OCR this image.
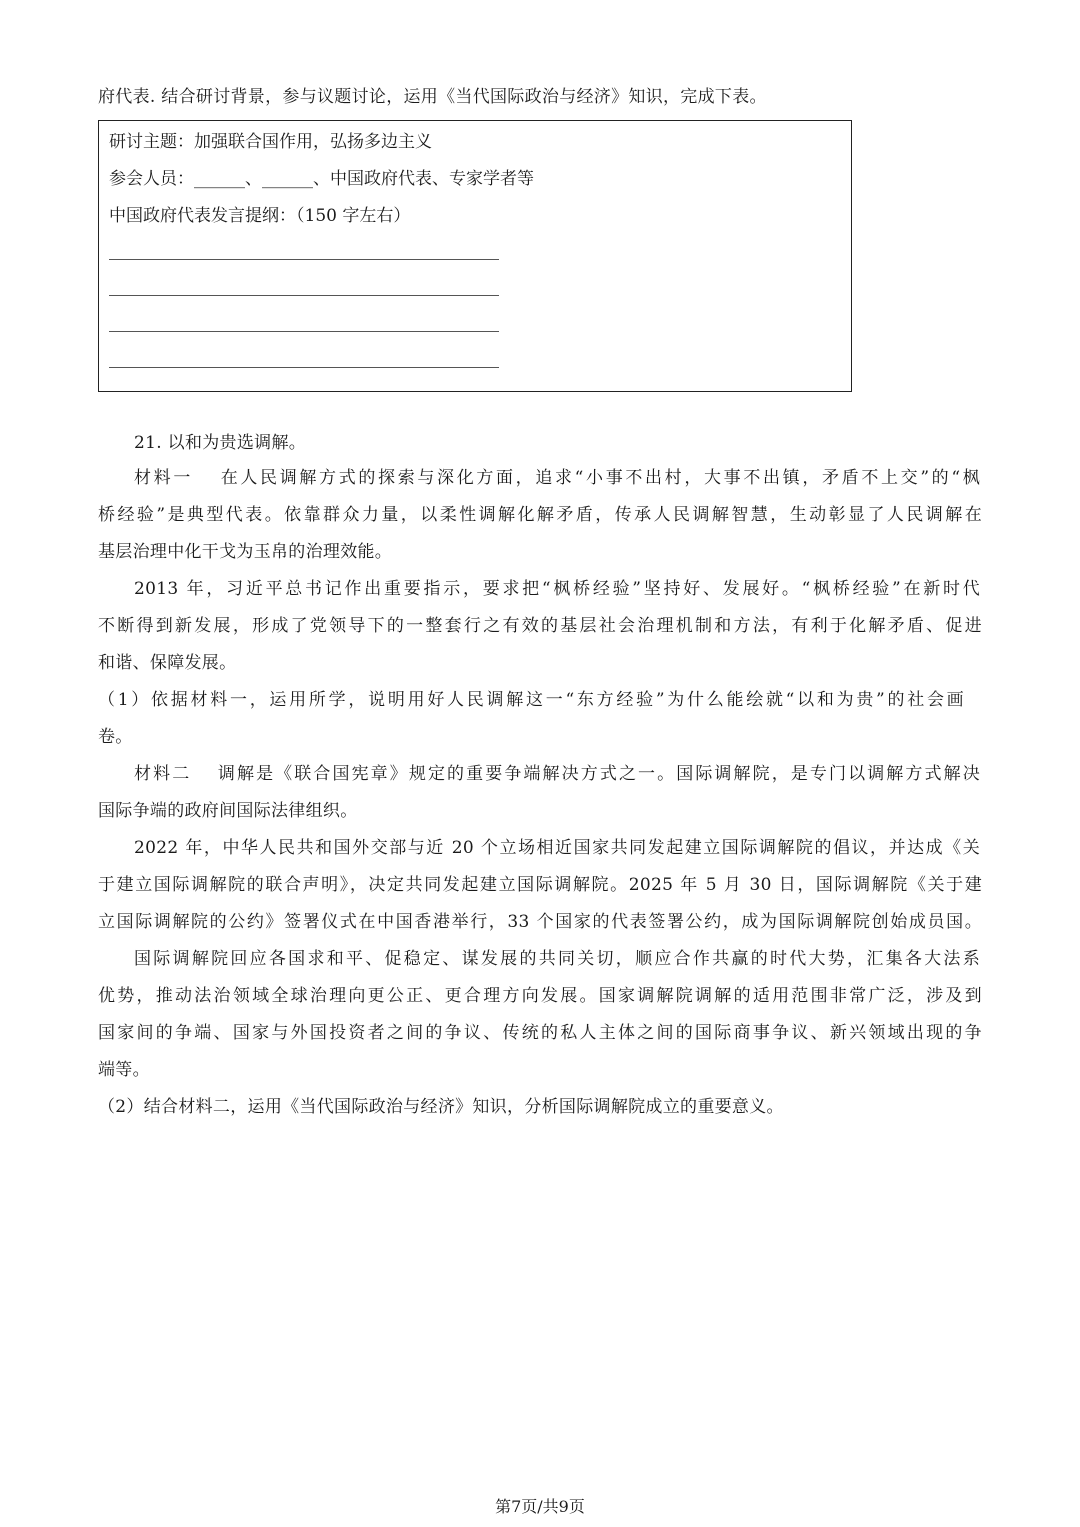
府代表. 结合研讨背景，参与议题讨论，运用《当代国际政治与经济》知识，完成下表。
研讨主题：加强联合国作用，弘扬多边主义
参会人员：______、______、中国政府代表、专家学者等
中国政府代表发言提纲：（150 字左右）
21. 以和为贵选调解。
材料一　 在人民调解方式的探索与深化方面，追求“小事不出村，大事不出镇，矛盾不上交”的“枫
桥经验”是典型代表。依靠群众力量，以柔性调解化解矛盾，传承人民调解智慧，生动彰显了人民调解在
基层治理中化干戈为玉帛的治理效能。
2013 年，习近平总书记作出重要指示，要求把“枫桥经验”坚持好、发展好。“枫桥经验”在新时代
不断得到新发展，形成了党领导下的一整套行之有效的基层社会治理机制和方法，有利于化解矛盾、促进
和谐、保障发展。
（1）依据材料一，运用所学，说明用好人民调解这一“东方经验”为什么能绘就“以和为贵”的社会画
卷。
材料二　 调解是《联合国宪章》规定的重要争端解决方式之一。国际调解院，是专门以调解方式解决
国际争端的政府间国际法律组织。
2022 年，中华人民共和国外交部与近 20 个立场相近国家共同发起建立国际调解院的倡议，并达成《关
于建立国际调解院的联合声明》，决定共同发起建立国际调解院。2025 年 5 月 30 日，国际调解院《关于建
立国际调解院的公约》签署仪式在中国香港举行，33 个国家的代表签署公约，成为国际调解院创始成员国。
国际调解院回应各国求和平、促稳定、谋发展的共同关切，顺应合作共赢的时代大势，汇集各大法系
优势，推动法治领域全球治理向更公正、更合理方向发展。国家调解院调解的适用范围非常广泛，涉及到
国家间的争端、国家与外国投资者之间的争议、传统的私人主体之间的国际商事争议、新兴领域出现的争
端等。
（2）结合材料二，运用《当代国际政治与经济》知识，分析国际调解院成立的重要意义。
第7页/共9页
